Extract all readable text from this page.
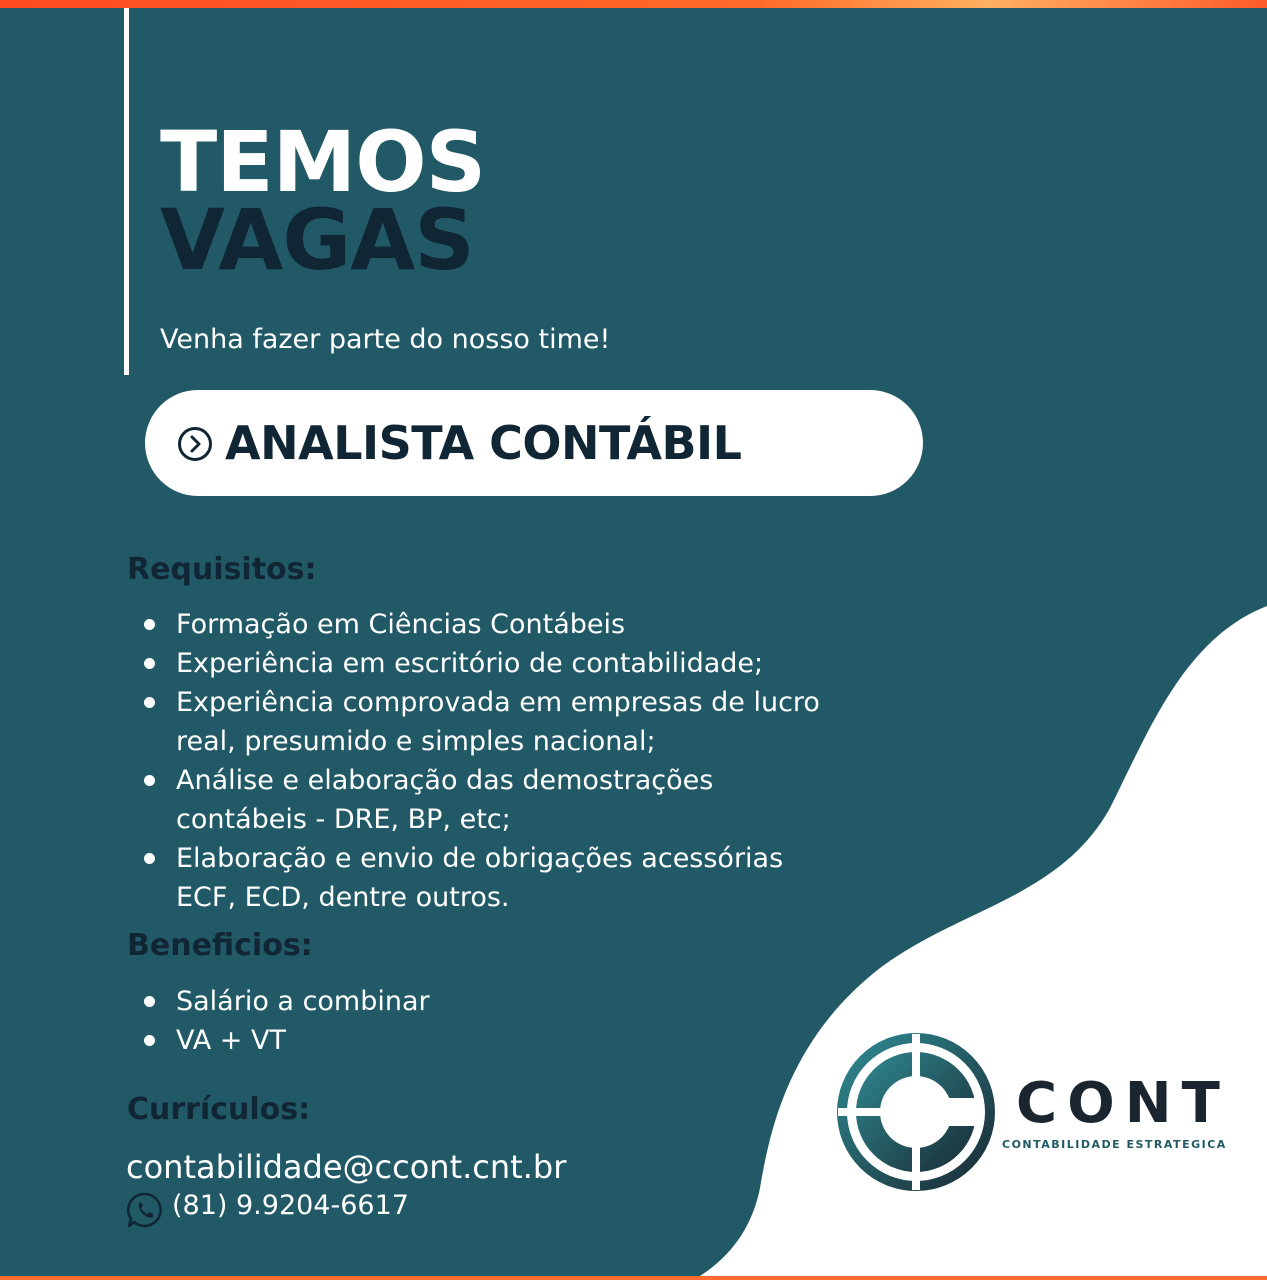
TEMOS
VAGAS
Venha fazer parte do nosso time!
ANALISTA CONTÁBIL
Requisitos:
Formação em Ciências Contábeis
Experiência em escritório de contabilidade;
Experiência comprovada em empresas de lucro
real, presumido e simples nacional;
Análise e elaboração das demostrações
contábeis - DRE, BP, etc;
Elaboração e envio de obrigações acessórias
ECF, ECD, dentre outros.
Beneficios:
Salário a combinar
VA + VT
Currículos:
contabilidade@ccont.cnt.br
(81) 9.9204-6617
CONT
CONTABILIDADE ESTRATEGICA
